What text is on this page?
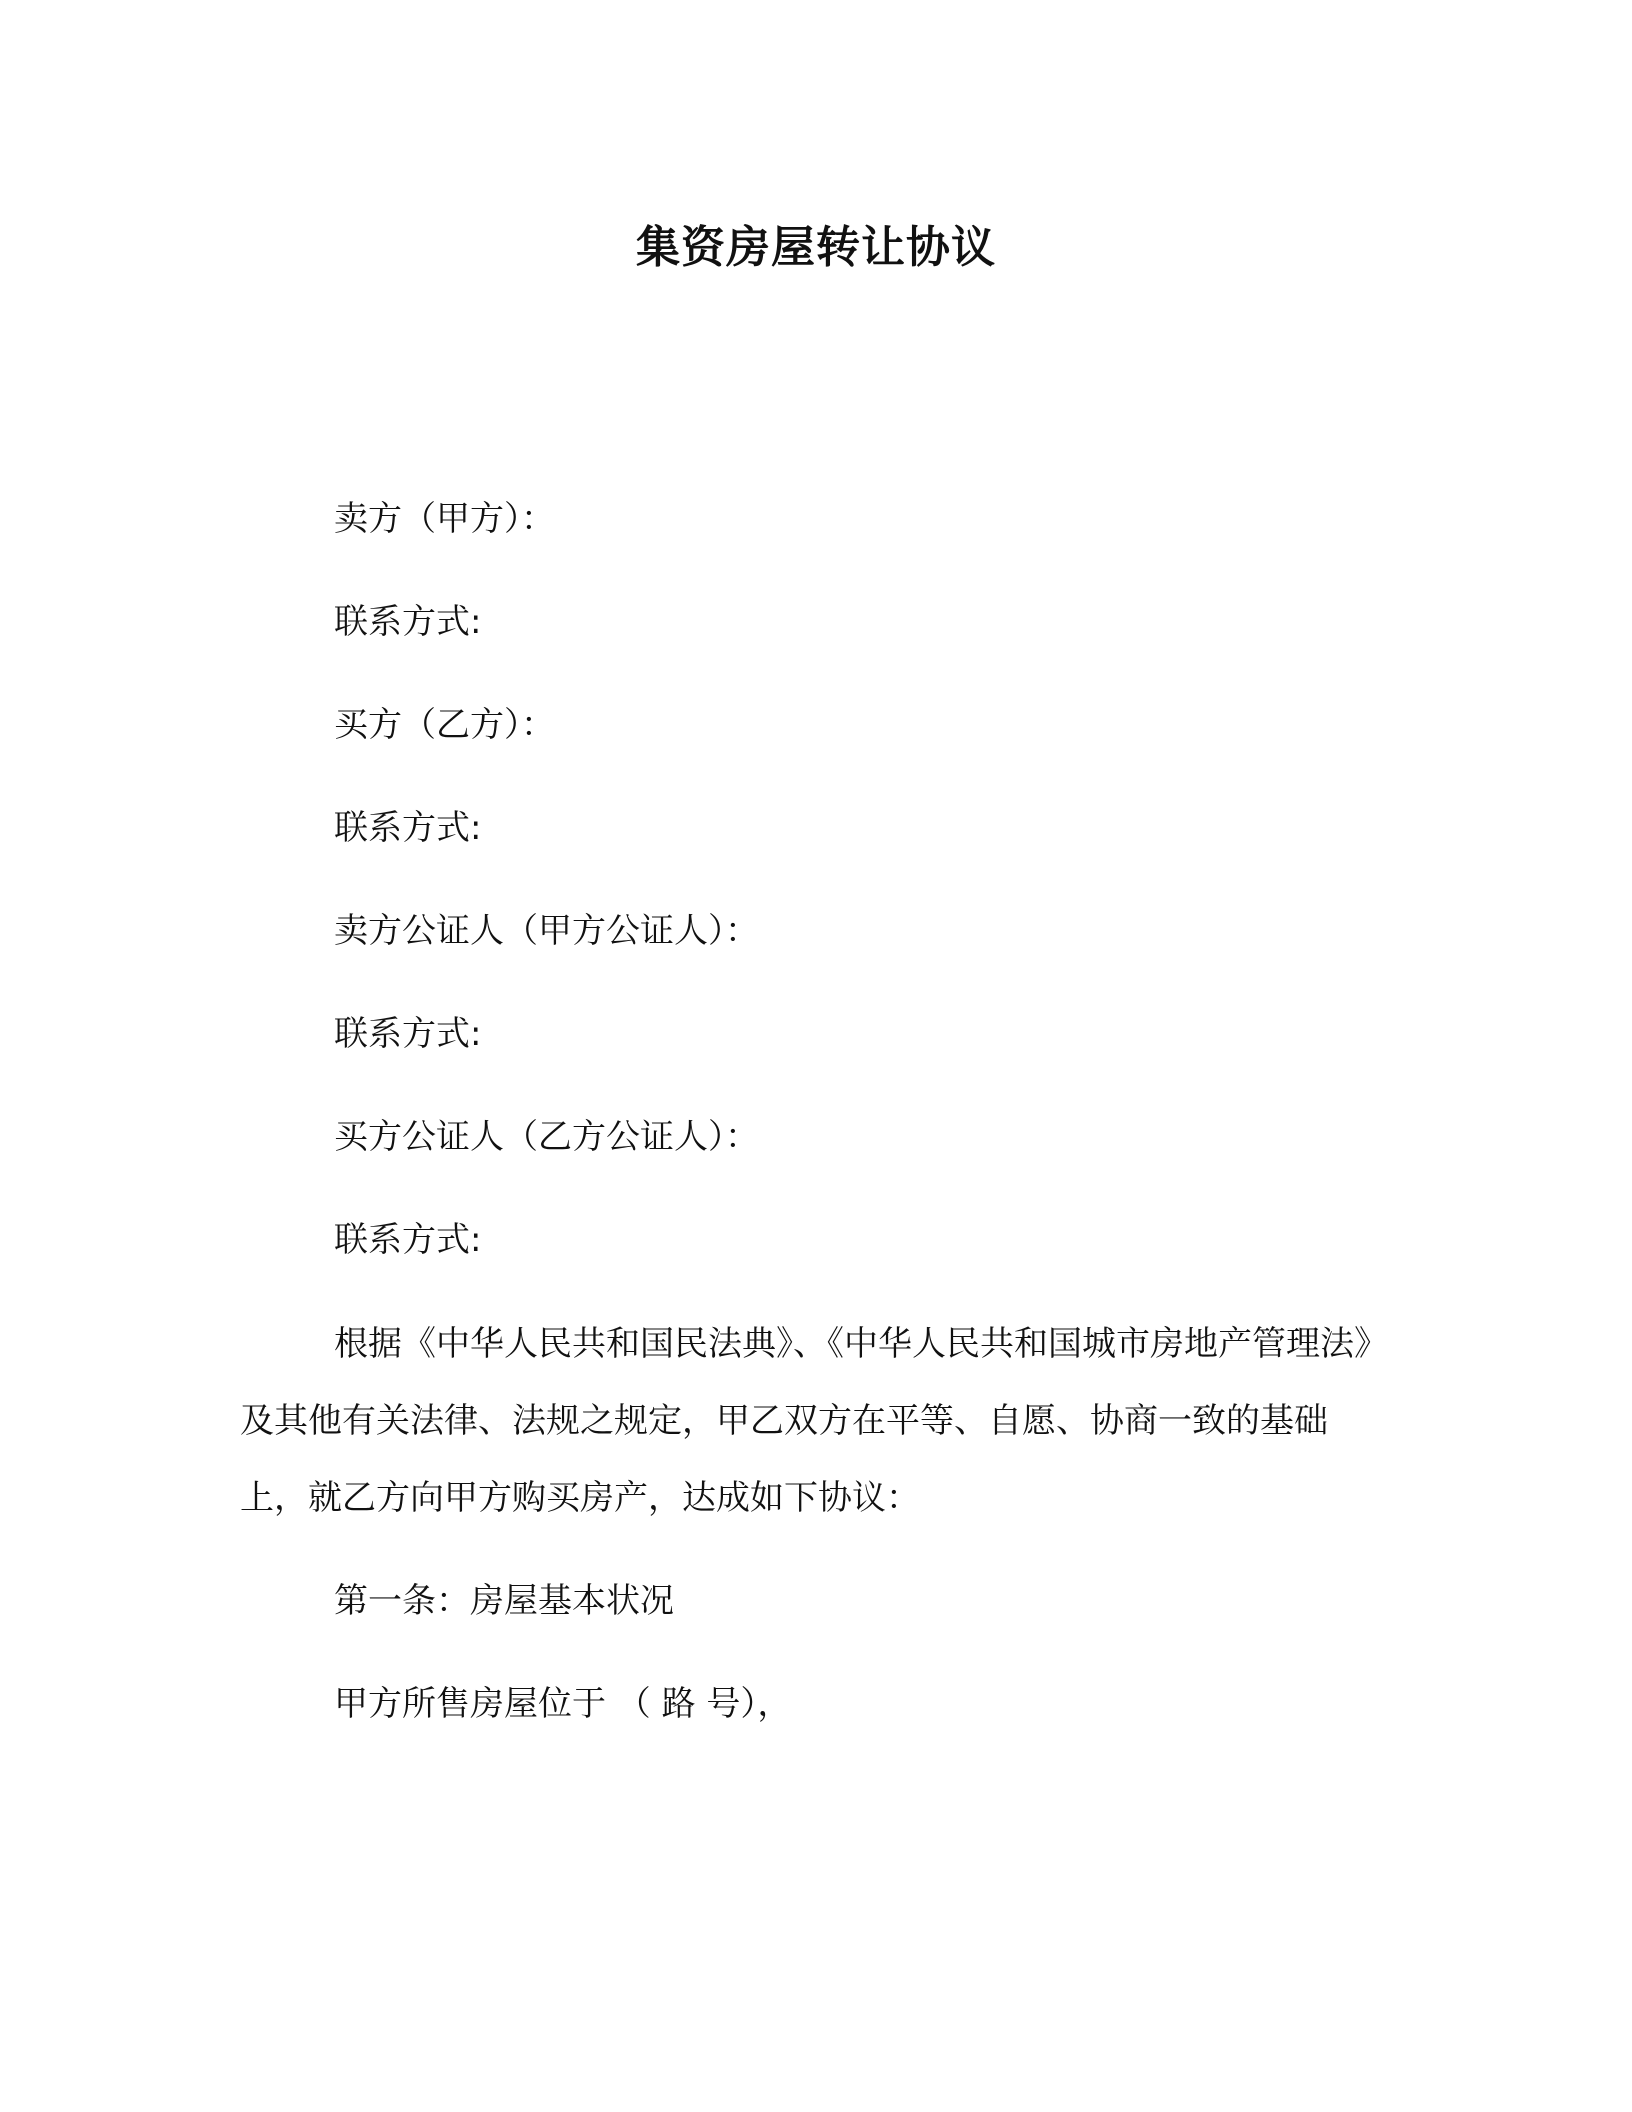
集资房屋转让协议
卖方（甲方）：
联系方式:
买方（乙方）：
联系方式:
卖方公证人（甲方公证人）：
联系方式:
买方公证人（乙方公证人）：
联系方式:
根据《中华人民共和国民法典》、《中华人民共和国城市房地产管理法》及其他有关法律、法规之规定，甲乙双方在平等、自愿、协商一致的基础上，就乙方向甲方购买房产，达成如下协议：
第一条：房屋基本状况
甲方所售房屋位于 （ 路 号），
